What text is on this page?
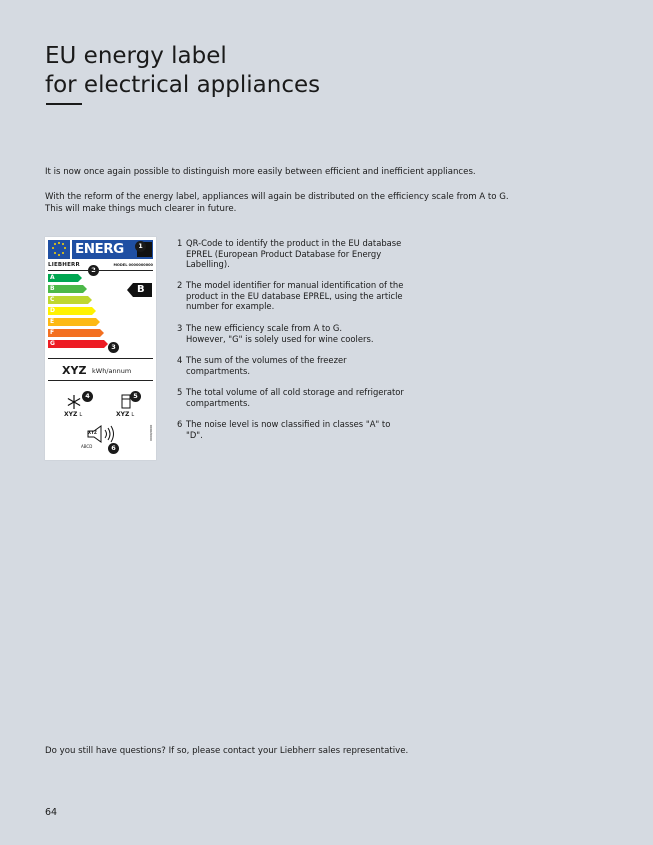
EU energy label
for electrical appliances

It is now once again possible to distinguish more easily between efficient and inefficient appliances.

With the reform of the energy label, appliances will again be distributed on the efficiency scale from A to G.
This will make things much clearer in future.

ENERG	1
LIEBHERR	MODEL 0000000000
A
B
C
D
E
F
G	3
B
XYZ kWh/annum
4
XYZ L
5
XYZ L
XYZ
ABCD	6
0000/0000
1 QR-Code to identify the product in the EU database
EPREL (European Product Database for Energy
Labelling).
2 The model identifier for manual identification of the
product in the EU database EPREL, using the article
number for example.
3 The new efficiency scale from A to G.
However, "G" is solely used for wine coolers.
4 The sum of the volumes of the freezer
compartments.
5 The total volume of all cold storage and refrigerator
compartments.
6 The noise level is now classified in classes "A" to "D".

Do you still have questions? If so, please contact your Liebherr sales representative.

64
